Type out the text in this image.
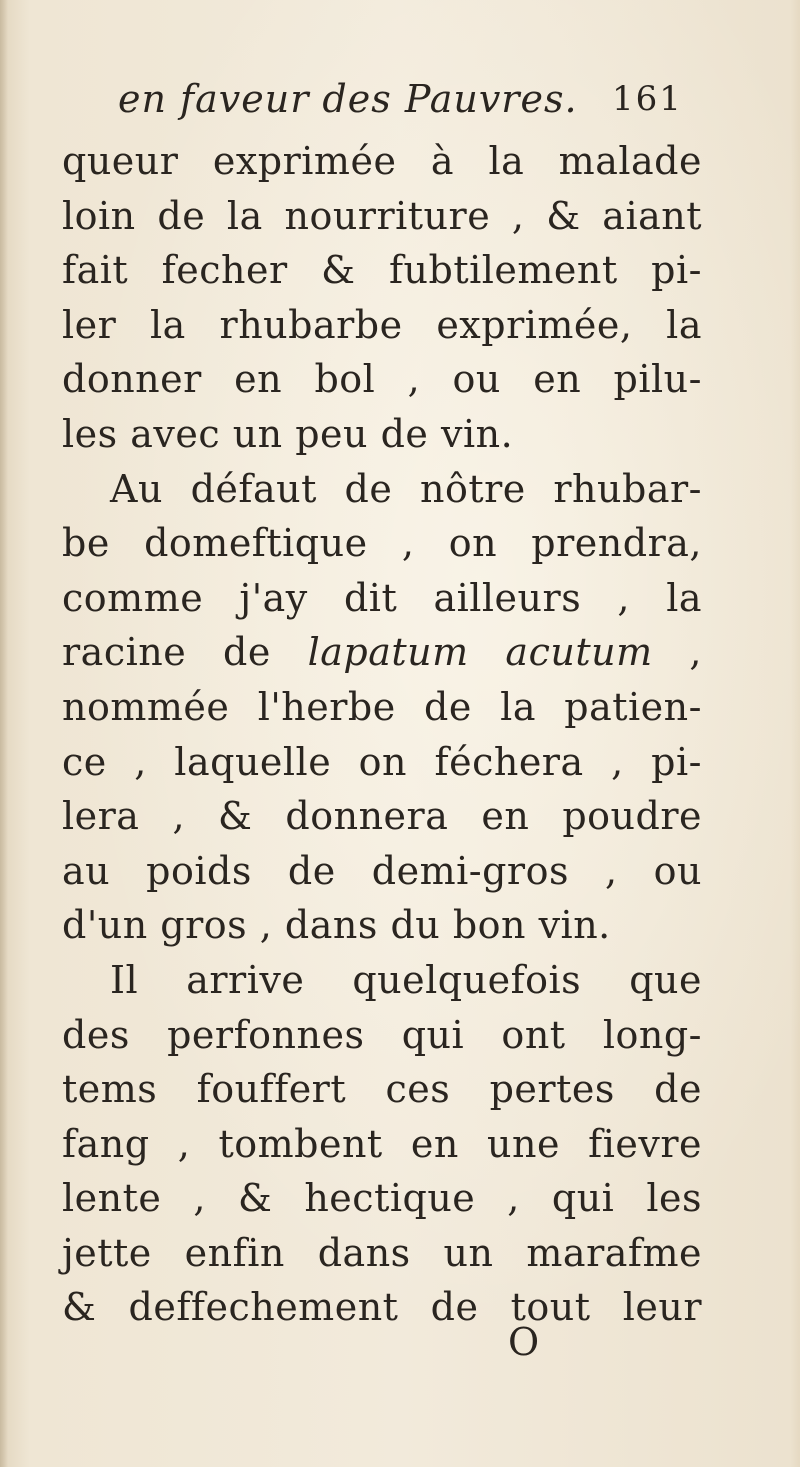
en faveur des Pauvres. 161
queur exprimée à la malade
loin de la nourriture , & aiant
fait fecher & fubtilement pi-
ler la rhubarbe exprimée, la
donner en bol , ou en pilu-
les avec un peu de vin.
Au défaut de nôtre rhubar-
be domeftique , on prendra,
comme j'ay dit ailleurs , la
racine de lapatum acutum ,
nommée l'herbe de la patien-
ce , laquelle on féchera , pi-
lera , & donnera en poudre
au poids de demi-gros , ou
d'un gros , dans du bon vin.
Il arrive quelquefois que
des perfonnes qui ont long-
tems fouffert ces pertes de
fang , tombent en une fievre
lente , & hectique , qui les
jette enfin dans un marafme
& deffechement de tout leur
O
